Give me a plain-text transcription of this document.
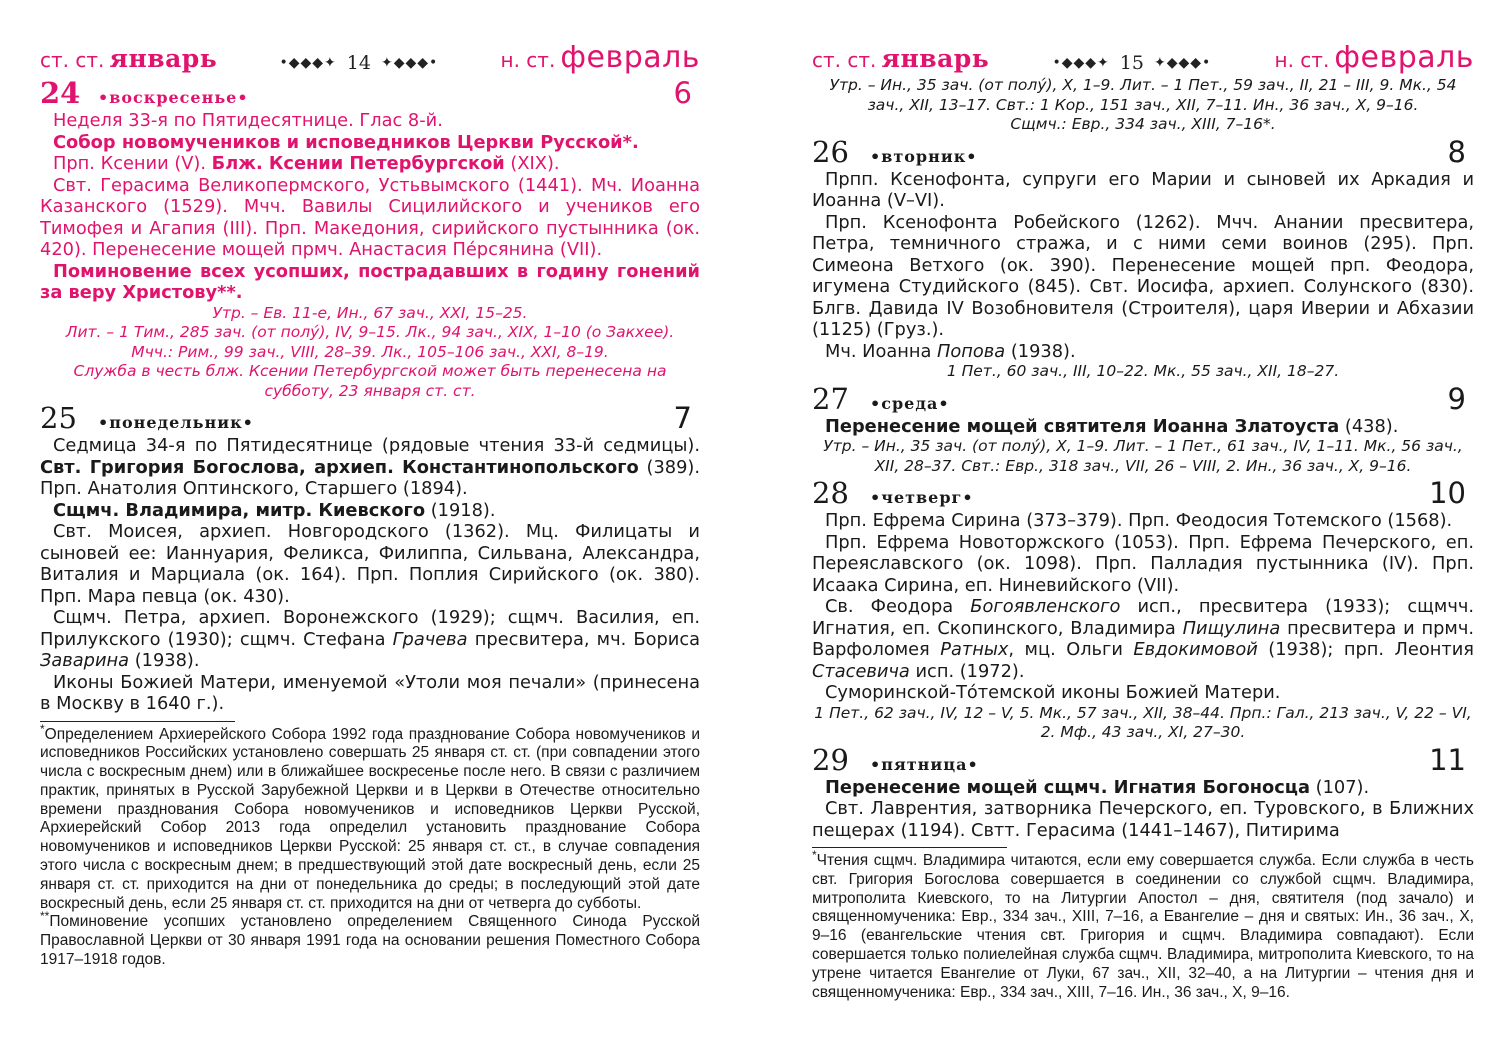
ст. ст. январь	•◆◆◆✦ 14 ✦◆◆◆•	н. ст. февраль
24	•воскресенье•	6

Неделя 33-я по Пятидесятнице. Глас 8-й.

Собор новомучеников и исповедников Церкви Русской*.

Прп. Ксении (V). Блж. Ксении Петербургской (XIX).

Свт. Герасима Великопермского, Устьвымского (1441). Мч. Иоанна Казанского (1529). Мчч. Вавилы Сицилийского и учеников его Тимофея и Агапия (III). Прп. Македония, сирийского пустынника (ок. 420). Перенесение мощей прмч. Анастасия Пе́рсянина (VII).

Поминовение всех усопших, пострадавших в годину гонений за веру Христову**.

Утр. – Ев. 11-е, Ин., 67 зач., XXI, 15–25.

Лит. – 1 Тим., 285 зач. (от полу́), IV, 9–15. Лк., 94 зач., XIX, 1–10 (о Закхее).

Мчч.: Рим., 99 зач., VIII, 28–39. Лк., 105–106 зач., XXI, 8–19.

Служба в честь блж. Ксении Петербургской может быть перенесена на субботу, 23 января ст. ст.

25	•понедельник•	7

Седмица 34-я по Пятидесятнице (рядовые чтения 33-й седмицы). Свт. Григория Богослова, архиеп. Константинопольского (389). Прп. Анатолия Оптинского, Старшего (1894).

Сщмч. Владимира, митр. Киевского (1918).

Свт. Моисея, архиеп. Новгородского (1362). Мц. Филицаты и сыновей ее: Ианнуария, Феликса, Филиппа, Сильвана, Александра, Виталия и Марциала (ок. 164). Прп. Поплия Сирийского (ок. 380). Прп. Мара певца (ок. 430).

Сщмч. Петра, архиеп. Воронежского (1929); сщмч. Василия, еп. Прилукского (1930); сщмч. Стефана Грачева пресвитера, мч. Бориса Заварина (1938).

Иконы Божией Матери, именуемой «Утоли моя печали» (принесена в Москву в 1640 г.).

*Определением Архиерейского Собора 1992 года празднование Собора новомучеников и исповедников Российских установлено совершать 25 января ст. ст. (при совпадении этого числа с воскресным днем) или в ближайшее воскресенье после него. В связи с различием практик, принятых в Русской Зарубежной Церкви и в Церкви в Отечестве относительно времени празднования Собора новомучеников и исповедников Церкви Русской, Архиерейский Собор 2013 года определил установить празднование Собора новомучеников и исповедников Церкви Русской: 25 января ст. ст., в случае совпадения этого числа с воскресным днем; в предшествующий этой дате воскресный день, если 25 января ст. ст. приходится на дни от понедельника до среды; в последующий этой дате воскресный день, если 25 января ст. ст. приходится на дни от четверга до субботы.

**Поминовение усопших установлено определением Священного Синода Русской Православной Церкви от 30 января 1991 года на основании решения Поместного Собора 1917–1918 годов.

ст. ст. январь	•◆◆◆✦ 15 ✦◆◆◆•	н. ст. февраль

Утр. – Ин., 35 зач. (от полу́), X, 1–9. Лит. – 1 Пет., 59 зач., II, 21 – III, 9. Мк., 54 зач., XII, 13–17. Свт.: 1 Кор., 151 зач., XII, 7–11. Ин., 36 зач., X, 9–16.

Сщмч.: Евр., 334 зач., XIII, 7–16*.

26	•вторник•	8

Прпп. Ксенофонта, супруги его Марии и сыновей их Аркадия и Иоанна (V–VI).

Прп. Ксенофонта Робейского (1262). Мчч. Анании пресвитера, Петра, темничного стража, и с ними семи воинов (295). Прп. Симеона Ветхого (ок. 390). Перенесение мощей прп. Феодора, игумена Студийского (845). Свт. Иосифа, архиеп. Солунского (830). Блгв. Давида IV Возобновителя (Строителя), царя Иверии и Абхазии (1125) (Груз.).

Мч. Иоанна Попова (1938).

1 Пет., 60 зач., III, 10–22. Мк., 55 зач., XII, 18–27.

27	•среда•	9

Перенесение мощей святителя Иоанна Златоуста (438).

Утр. – Ин., 35 зач. (от полу́), X, 1–9. Лит. – 1 Пет., 61 зач., IV, 1–11. Мк., 56 зач., XII, 28–37. Свт.: Евр., 318 зач., VII, 26 – VIII, 2. Ин., 36 зач., X, 9–16.

28	•четверг•	10

Прп. Ефрема Сирина (373–379). Прп. Феодосия Тотемского (1568).

Прп. Ефрема Новоторжского (1053). Прп. Ефрема Печерского, еп. Переяславского (ок. 1098). Прп. Палладия пустынника (IV). Прп. Исаака Сирина, еп. Ниневийского (VII).

Св. Феодора Богоявленского исп., пресвитера (1933); сщмчч. Игнатия, еп. Скопинского, Владимира Пищулина пресвитера и прмч. Варфоломея Ратных, мц. Ольги Евдокимовой (1938); прп. Леонтия Стасевича исп. (1972).

Суморинской-То́темской иконы Божией Матери.

1 Пет., 62 зач., IV, 12 – V, 5. Мк., 57 зач., XII, 38–44. Прп.: Гал., 213 зач., V, 22 – VI, 2. Мф., 43 зач., XI, 27–30.

29	•пятница•	11

Перенесение мощей сщмч. Игнатия Богоносца (107).

Свт. Лаврентия, затворника Печерского, еп. Туровского, в Ближних пещерах (1194). Свтт. Герасима (1441–1467), Питирима

*Чтения сщмч. Владимира читаются, если ему совершается служба. Если служба в честь свт. Григория Богослова совершается в соединении со службой сщмч. Владимира, митрополита Киевского, то на Литургии Апостол – дня, святителя (под зачало) и священномученика: Евр., 334 зач., XIII, 7–16, а Евангелие – дня и святых: Ин., 36 зач., X, 9–16 (евангельские чтения свт. Григория и сщмч. Владимира совпадают). Если совершается только полиелейная служба сщмч. Владимира, митрополита Киевского, то на утрене читается Евангелие от Луки, 67 зач., XII, 32–40, а на Литургии – чтения дня и священномученика: Евр., 334 зач., XIII, 7–16. Ин., 36 зач., X, 9–16.
